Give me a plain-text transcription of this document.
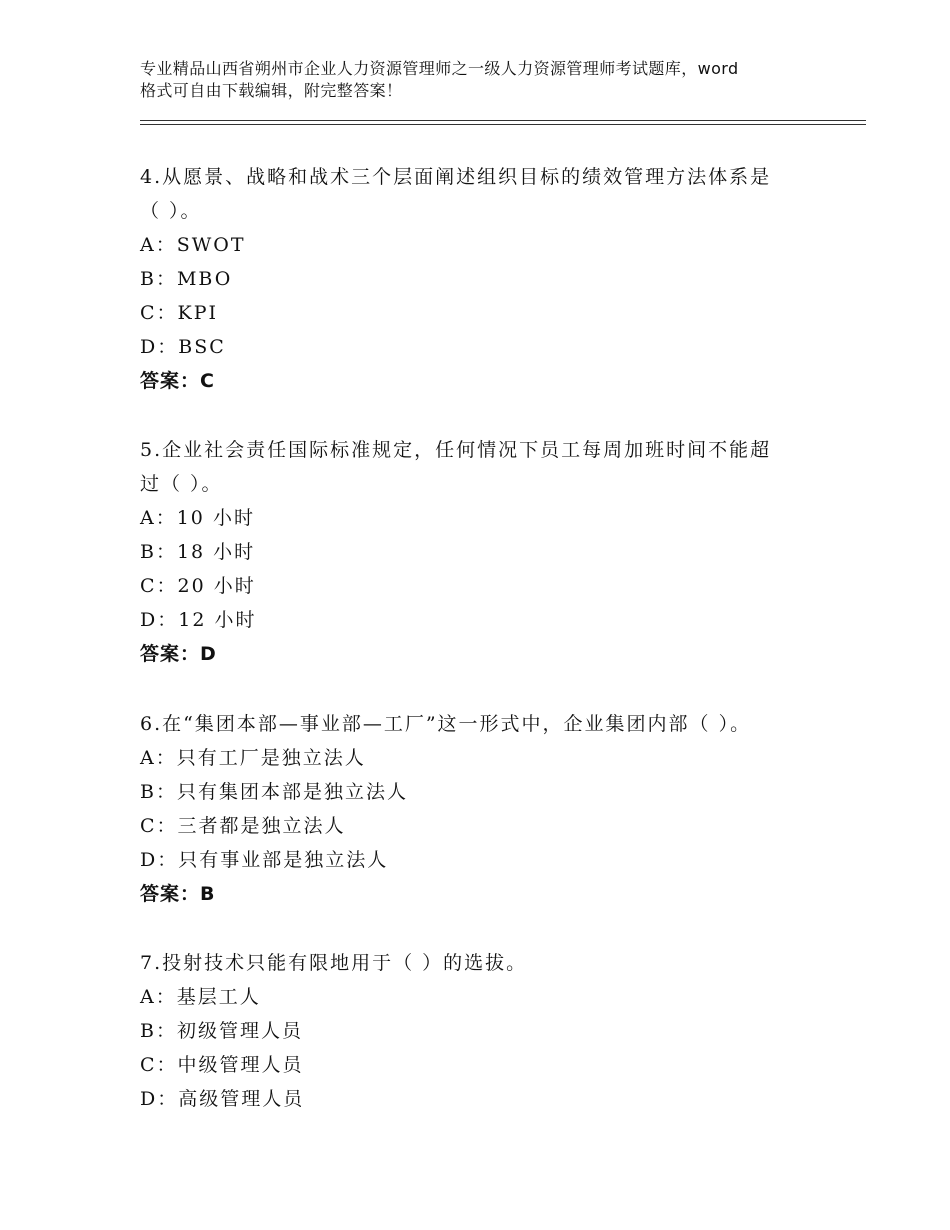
专业精品山西省朔州市企业人力资源管理师之一级人力资源管理师考试题库，word
格式可自由下载编辑，附完整答案！
4.从愿景、战略和战术三个层面阐述组织目标的绩效管理方法体系是
（ ）。
A：SWOT
B：MBO
C：KPI
D：BSC
答案：C
5.企业社会责任国际标准规定，任何情况下员工每周加班时间不能超
过（ ）。
A：10 小时
B：18 小时
C：20 小时
D：12 小时
答案：D
6.在“集团本部—事业部—工厂”这一形式中，企业集团内部（ ）。
A：只有工厂是独立法人
B：只有集团本部是独立法人
C：三者都是独立法人
D：只有事业部是独立法人
答案：B
7.投射技术只能有限地用于（ ）的选拔。
A：基层工人
B：初级管理人员
C：中级管理人员
D：高级管理人员
